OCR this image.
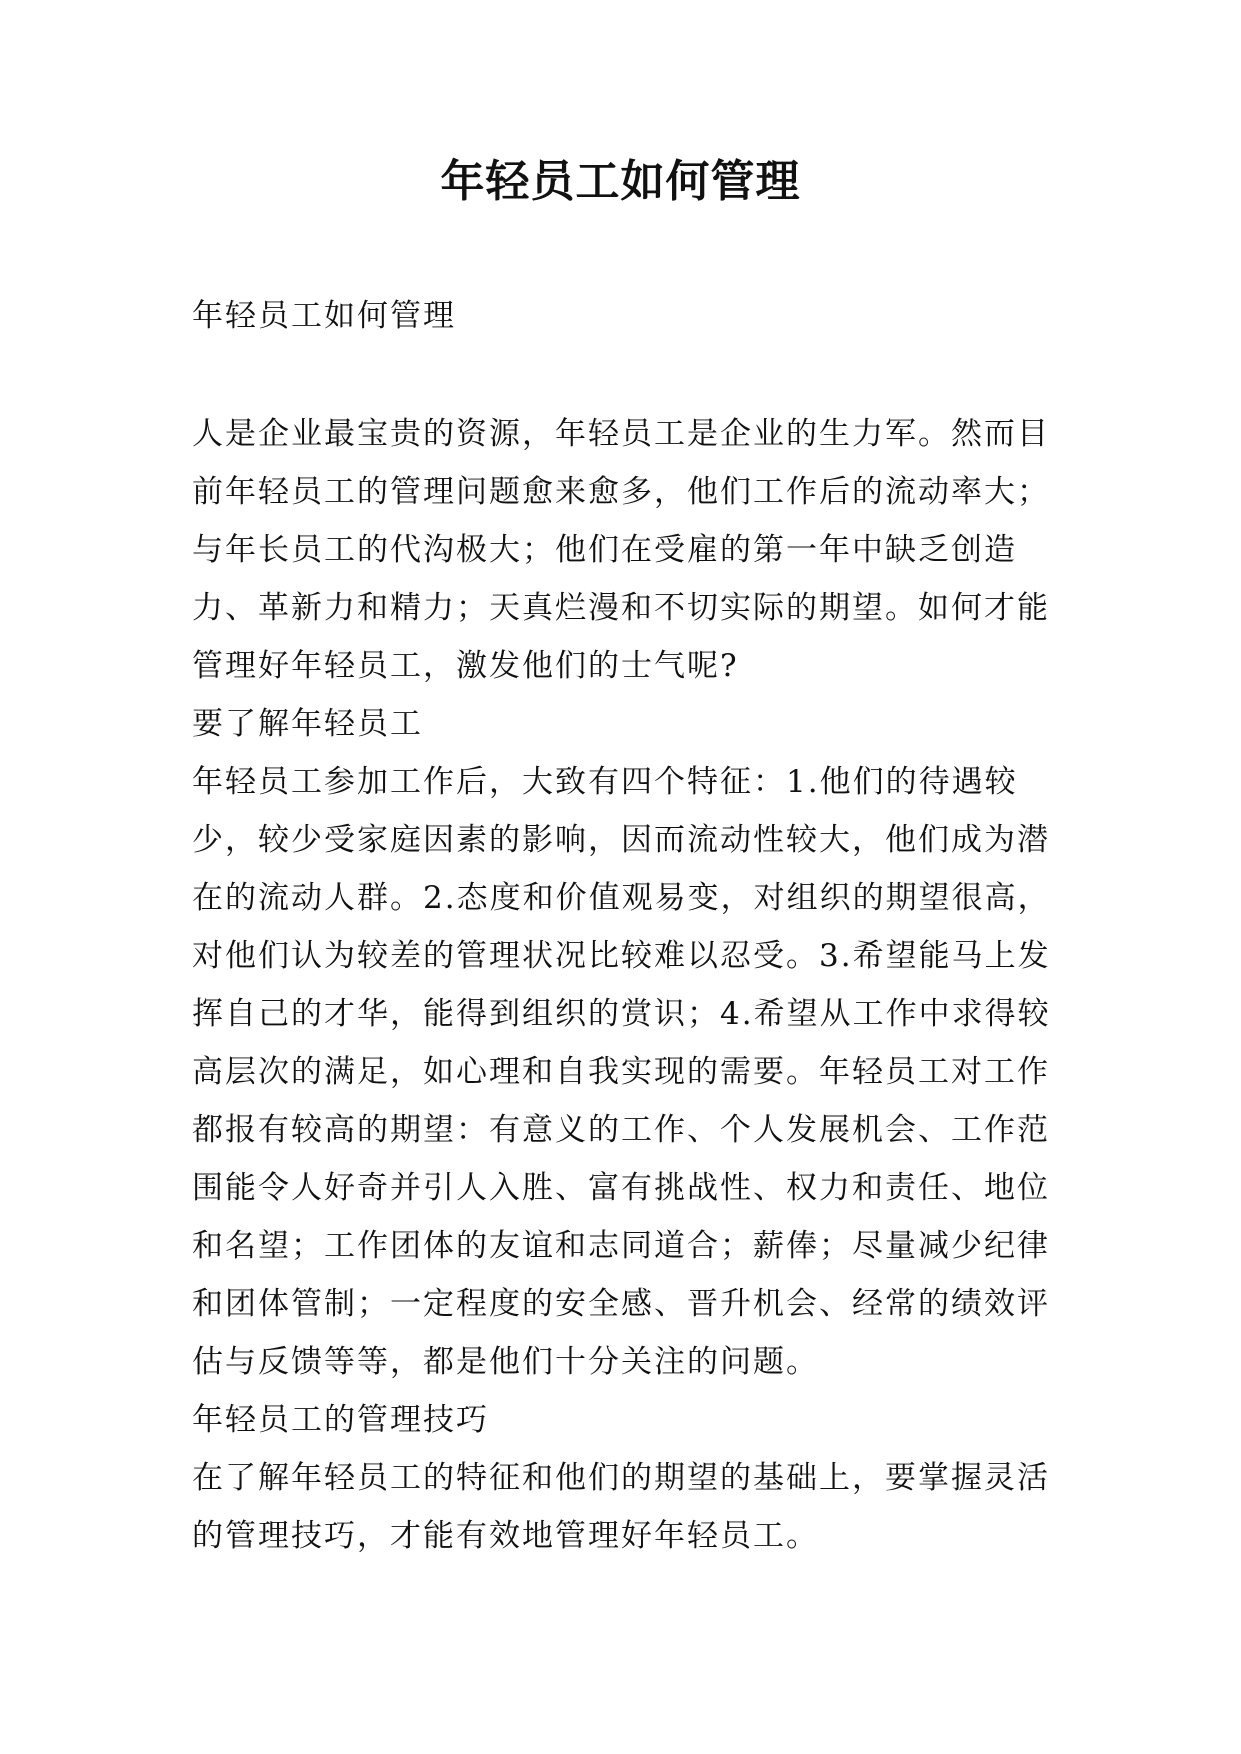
年轻员工如何管理

年轻员工如何管理

人是企业最宝贵的资源，年轻员工是企业的生力军。然而目前年轻员工的管理问题愈来愈多，他们工作后的流动率大；与年长员工的代沟极大；他们在受雇的第一年中缺乏创造力、革新力和精力；天真烂漫和不切实际的期望。如何才能管理好年轻员工，激发他们的士气呢?

要了解年轻员工

年轻员工参加工作后，大致有四个特征：1.他们的待遇较少，较少受家庭因素的影响，因而流动性较大，他们成为潜在的流动人群。2.态度和价值观易变，对组织的期望很高，对他们认为较差的管理状况比较难以忍受。3.希望能马上发挥自己的才华，能得到组织的赏识；4.希望从工作中求得较高层次的满足，如心理和自我实现的需要。年轻员工对工作都报有较高的期望：有意义的工作、个人发展机会、工作范围能令人好奇并引人入胜、富有挑战性、权力和责任、地位和名望；工作团体的友谊和志同道合；薪俸；尽量减少纪律和团体管制；一定程度的安全感、晋升机会、经常的绩效评估与反馈等等，都是他们十分关注的问题。

年轻员工的管理技巧

在了解年轻员工的特征和他们的期望的基础上，要掌握灵活的管理技巧，才能有效地管理好年轻员工。
